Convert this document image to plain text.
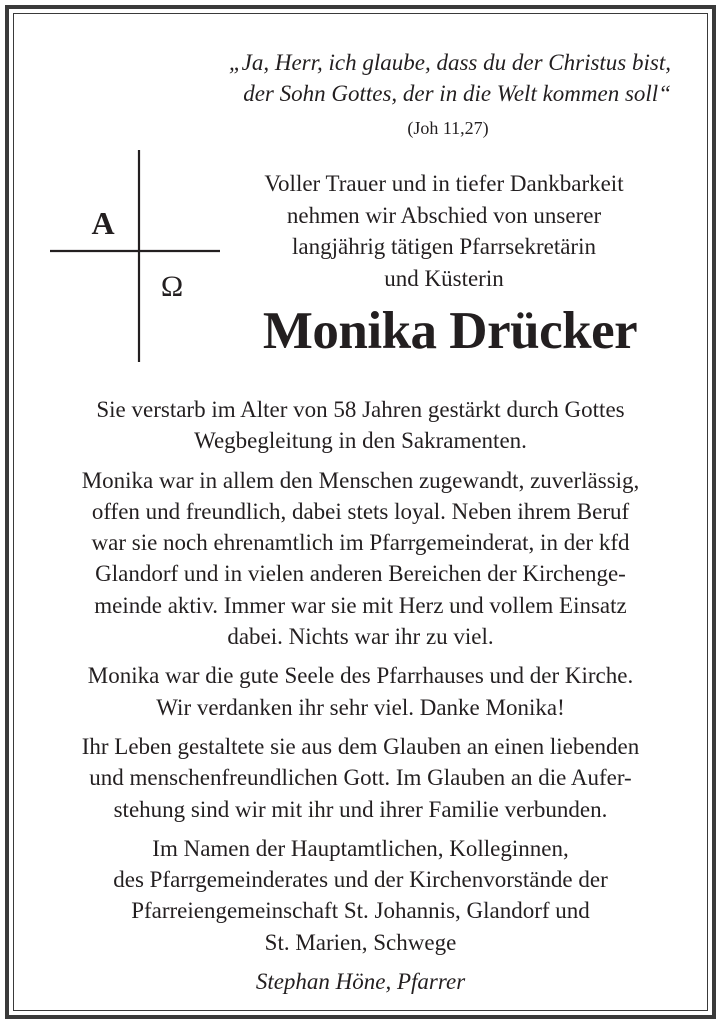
„Ja, Herr, ich glaube, dass du der Christus bist,
der Sohn Gottes, der in die Welt kommen soll“
(Joh 11,27)
Α
Ω
Voller Trauer und in tiefer Dankbarkeit
nehmen wir Abschied von unserer
langjährig tätigen Pfarrsekretärin
und Küsterin
Monika Drücker
Sie verstarb im Alter von 58 Jahren gestärkt durch Gottes
Wegbegleitung in den Sakramenten.
Monika war in allem den Menschen zugewandt, zuverlässig,
offen und freundlich, dabei stets loyal. Neben ihrem Beruf
war sie noch ehrenamtlich im Pfarrgemeinderat, in der kfd
Glandorf und in vielen anderen Bereichen der Kirchenge-
meinde aktiv. Immer war sie mit Herz und vollem Einsatz
dabei. Nichts war ihr zu viel.
Monika war die gute Seele des Pfarrhauses und der Kirche.
Wir verdanken ihr sehr viel. Danke Monika!
Ihr Leben gestaltete sie aus dem Glauben an einen liebenden
und menschenfreundlichen Gott. Im Glauben an die Aufer-
stehung sind wir mit ihr und ihrer Familie verbunden.
Im Namen der Hauptamtlichen, Kolleginnen,
des Pfarrgemeinderates und der Kirchenvorstände der
Pfarreiengemeinschaft St. Johannis, Glandorf und
St. Marien, Schwege
Stephan Höne, Pfarrer
